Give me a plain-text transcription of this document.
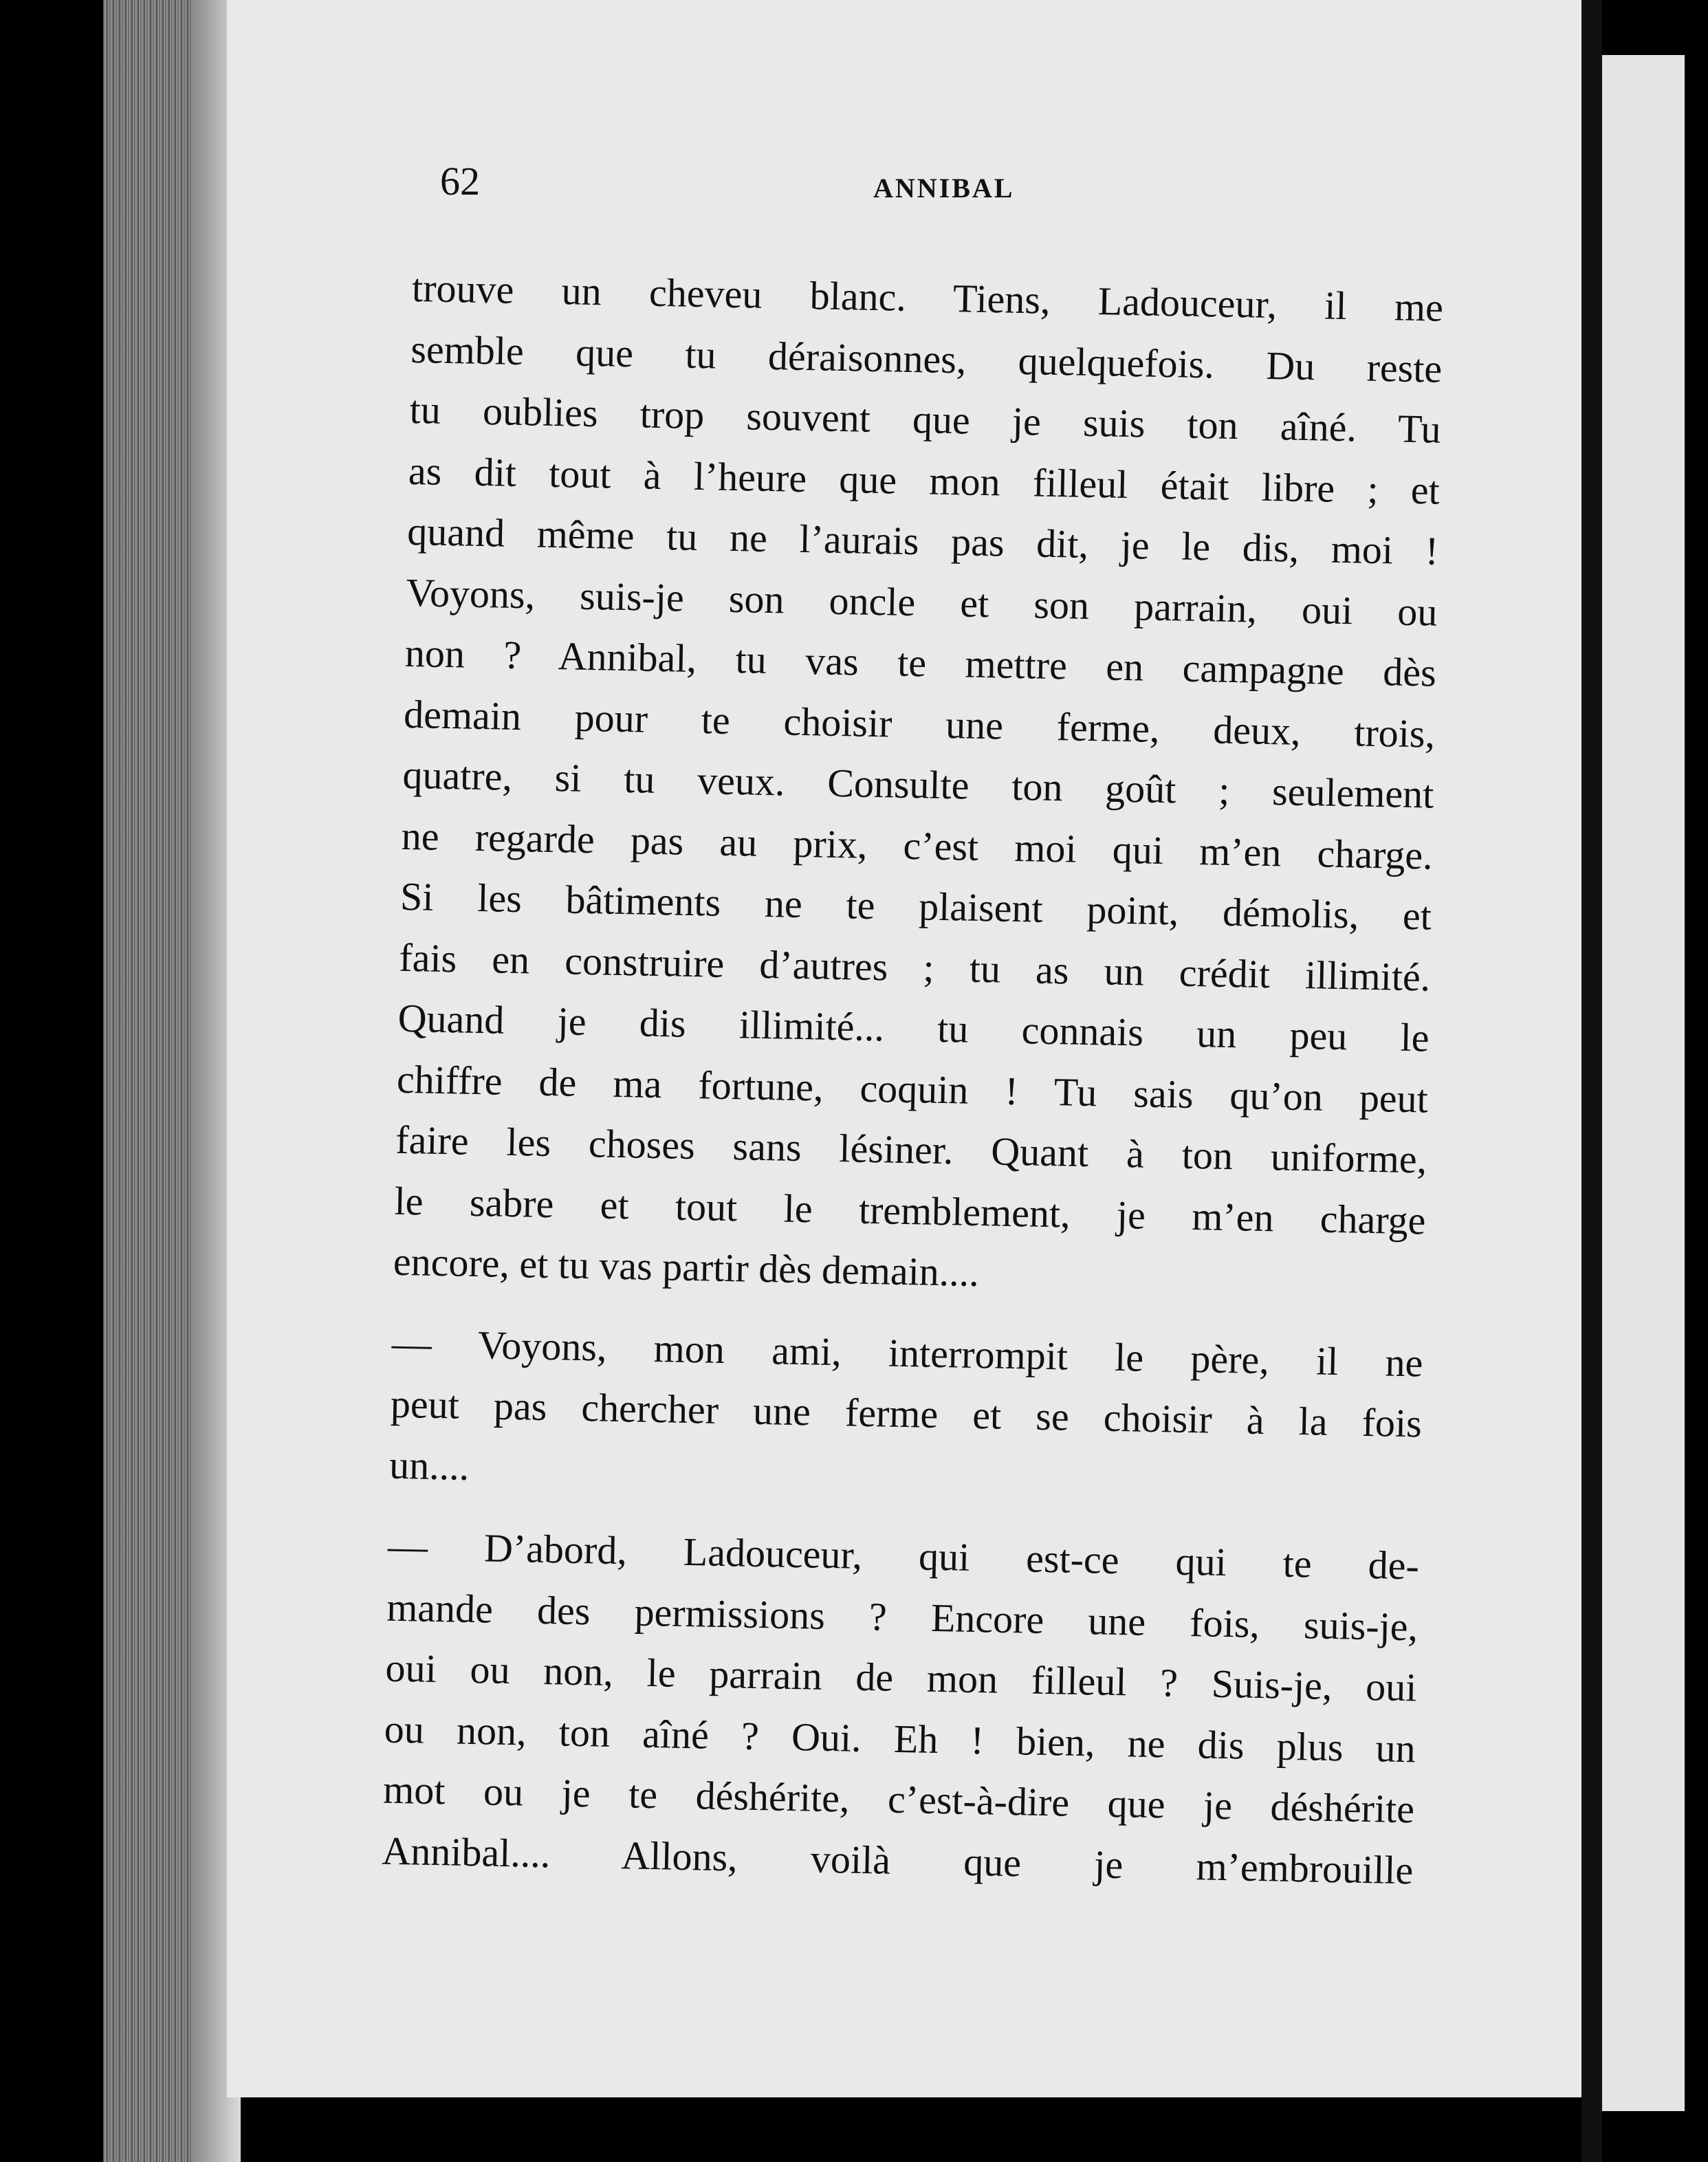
62	ANNIBAL
trouve un cheveu blanc. Tiens, Ladouceur, il me
semble que tu déraisonnes, quelquefois. Du reste
tu oublies trop souvent que je suis ton aîné. Tu
as dit tout à l’heure que mon filleul était libre ; et
quand même tu ne l’aurais pas dit, je le dis, moi !
Voyons, suis-je son oncle et son parrain, oui ou
non ? Annibal, tu vas te mettre en campagne dès
demain pour te choisir une ferme, deux, trois,
quatre, si tu veux. Consulte ton goût ; seulement
ne regarde pas au prix, c’est moi qui m’en charge.
Si les bâtiments ne te plaisent point, démolis, et
fais en construire d’autres ; tu as un crédit illimité.
Quand je dis illimité... tu connais un peu le
chiffre de ma fortune, coquin ! Tu sais qu’on peut
faire les choses sans lésiner. Quant à ton uniforme,
le sabre et tout le tremblement, je m’en charge
encore, et tu vas partir dès demain....
— Voyons, mon ami, interrompit le père, il ne
peut pas chercher une ferme et se choisir à la fois
un....
— D’abord, Ladouceur, qui est-ce qui te de-
mande des permissions ? Encore une fois, suis-je,
oui ou non, le parrain de mon filleul ? Suis-je, oui
ou non, ton aîné ? Oui. Eh ! bien, ne dis plus un
mot ou je te déshérite, c’est-à-dire que je déshérite
Annibal.... Allons, voilà que je m’embrouille
